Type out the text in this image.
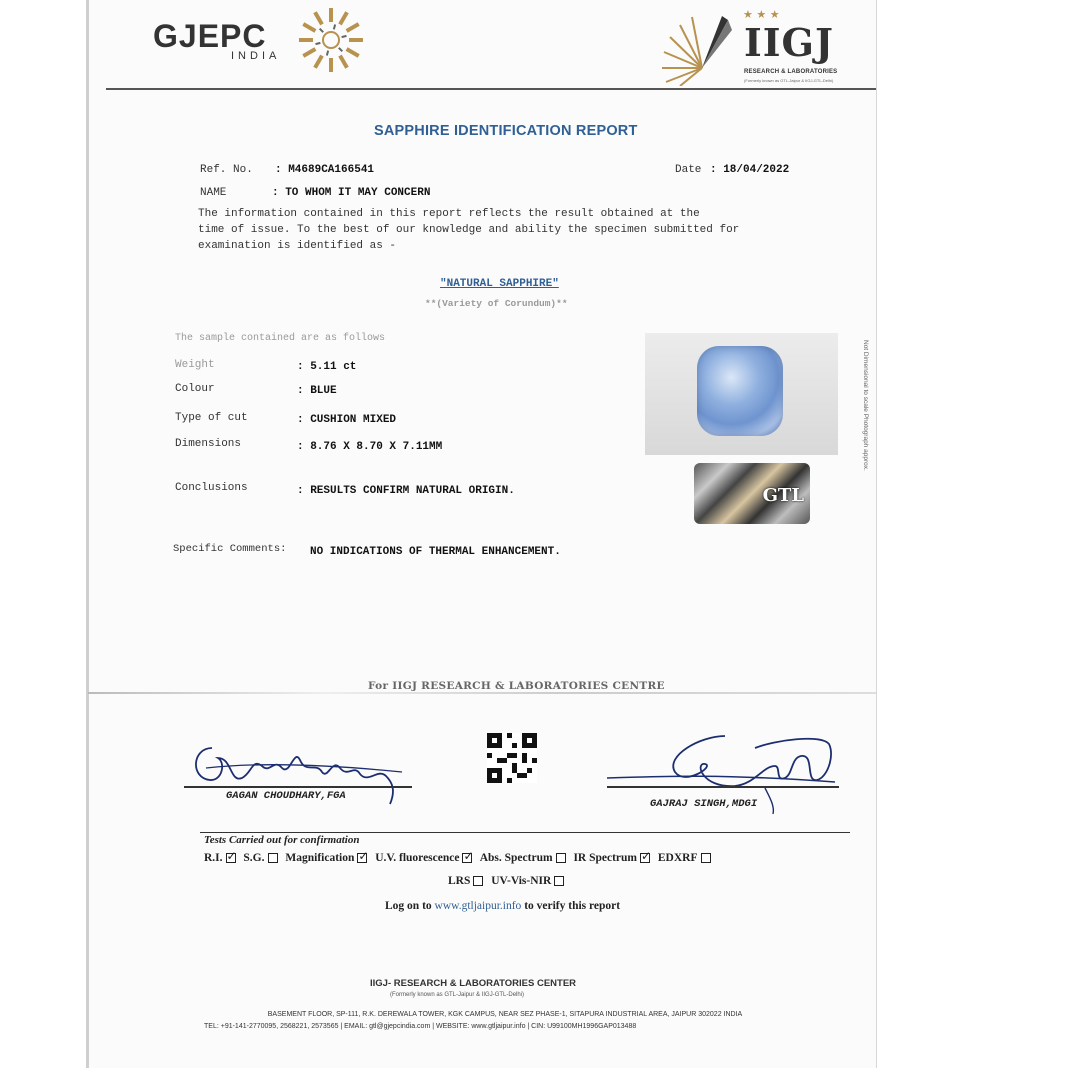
GJEPC
INDIA
★ ★ ★
IIGJ
RESEARCH & LABORATORIES
(Formerly known as GTL-Jaipur & IIGJ-GTL-Delhi)
SAPPHIRE IDENTIFICATION REPORT
Ref. No. : M4689CA166541	Date : 18/04/2022
NAME	: TO WHOM IT MAY CONCERN
The information contained in this report reflects the result obtained at the
time of issue. To the best of our knowledge and ability the specimen submitted for
examination is identified as -
"NATURAL SAPPHIRE"
**(Variety of Corundum)**
The sample contained are as follows
Weight	: 5.11 ct
Colour	: BLUE
Type of cut	: CUSHION MIXED
Dimensions	: 8.76 X 8.70 X 7.11MM
Conclusions	: RESULTS CONFIRM NATURAL ORIGIN.
Specific Comments: NO INDICATIONS OF THERMAL ENHANCEMENT.
GTL
Not Dimensional to scale Photograph approx.
For IIGJ RESEARCH & LABORATORIES CENTRE
GAGAN CHOUDHARY,FGA
GAJRAJ SINGH,MDGI
Tests Carried out for confirmation
R.I. ✓ S.G. Magnification ✓ U.V. fluorescence ✓ Abs. Spectrum IR Spectrum ✓ EDXRF
LRS UV-Vis-NIR
Log on to www.gtljaipur.info to verify this report
IIGJ- RESEARCH & LABORATORIES CENTER
(Formerly known as GTL-Jaipur & IIGJ-GTL-Delhi)
BASEMENT FLOOR, SP-111, R.K. DEREWALA TOWER, KGK CAMPUS, NEAR SEZ PHASE-1, SITAPURA INDUSTRIAL AREA, JAIPUR 302022 INDIA
TEL: +91-141-2770095, 2568221, 2573565 | EMAIL: gtl@gjepcindia.com | WEBSITE: www.gtljaipur.info | CIN: U99100MH1996GAP013488
